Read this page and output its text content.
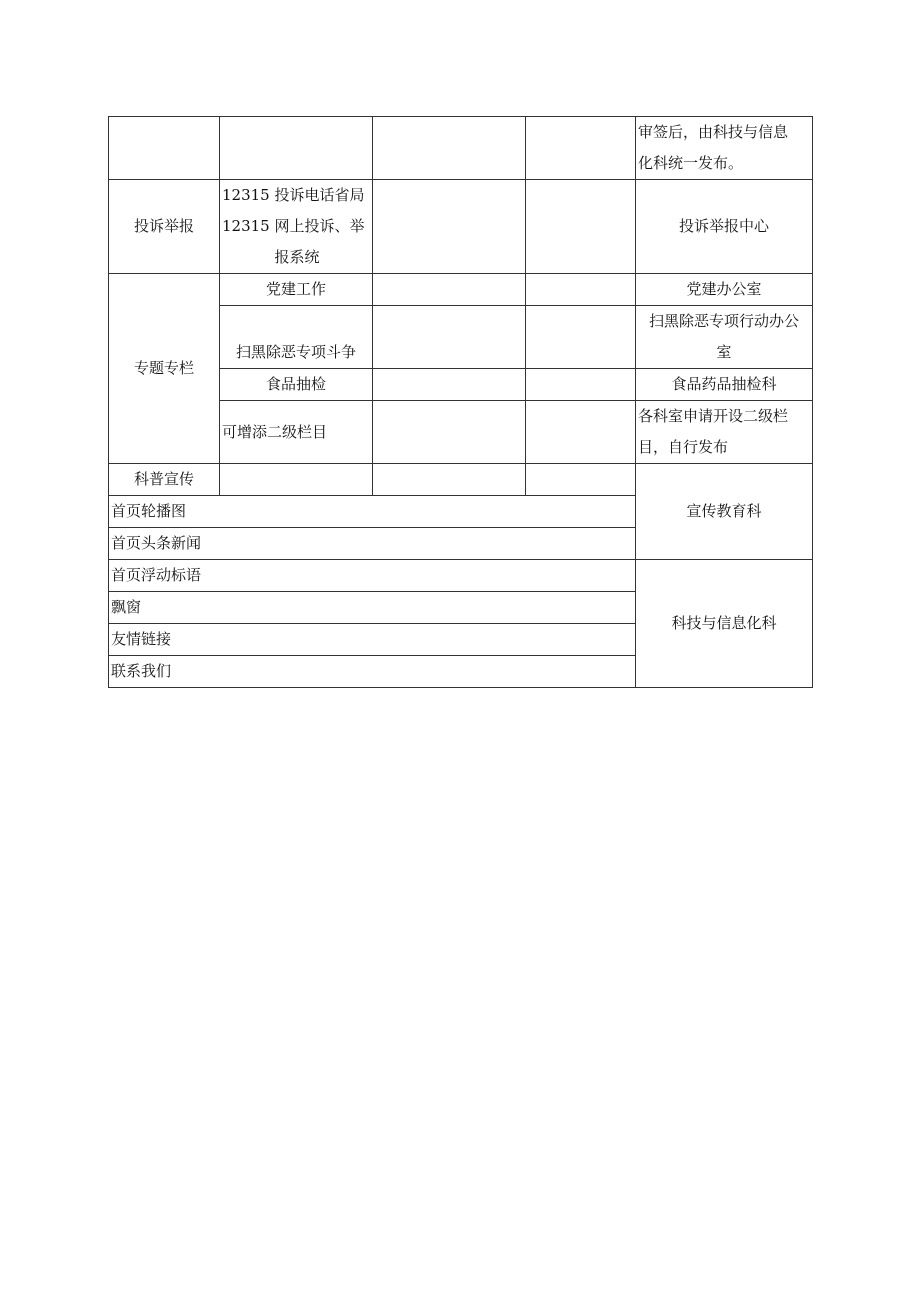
				审签后，由科技与信息
化科统一发布。

投诉举报	12315 投诉电话省局
12315 网上投诉、举
报系统			投诉举报中心
专题专栏	党建工作			党建办公室
	扫黑除恶专项斗争			扫黑除恶专项行动办公
室

	食品抽检			食品药品抽检科
	可增添二级栏目			各科室申请开设二级栏
目，自行发布

科普宣传				宣传教育科
首页轮播图				
首页头条新闻				
首页浮动标语				科技与信息化科
飘窗				
友情链接				
联系我们				
